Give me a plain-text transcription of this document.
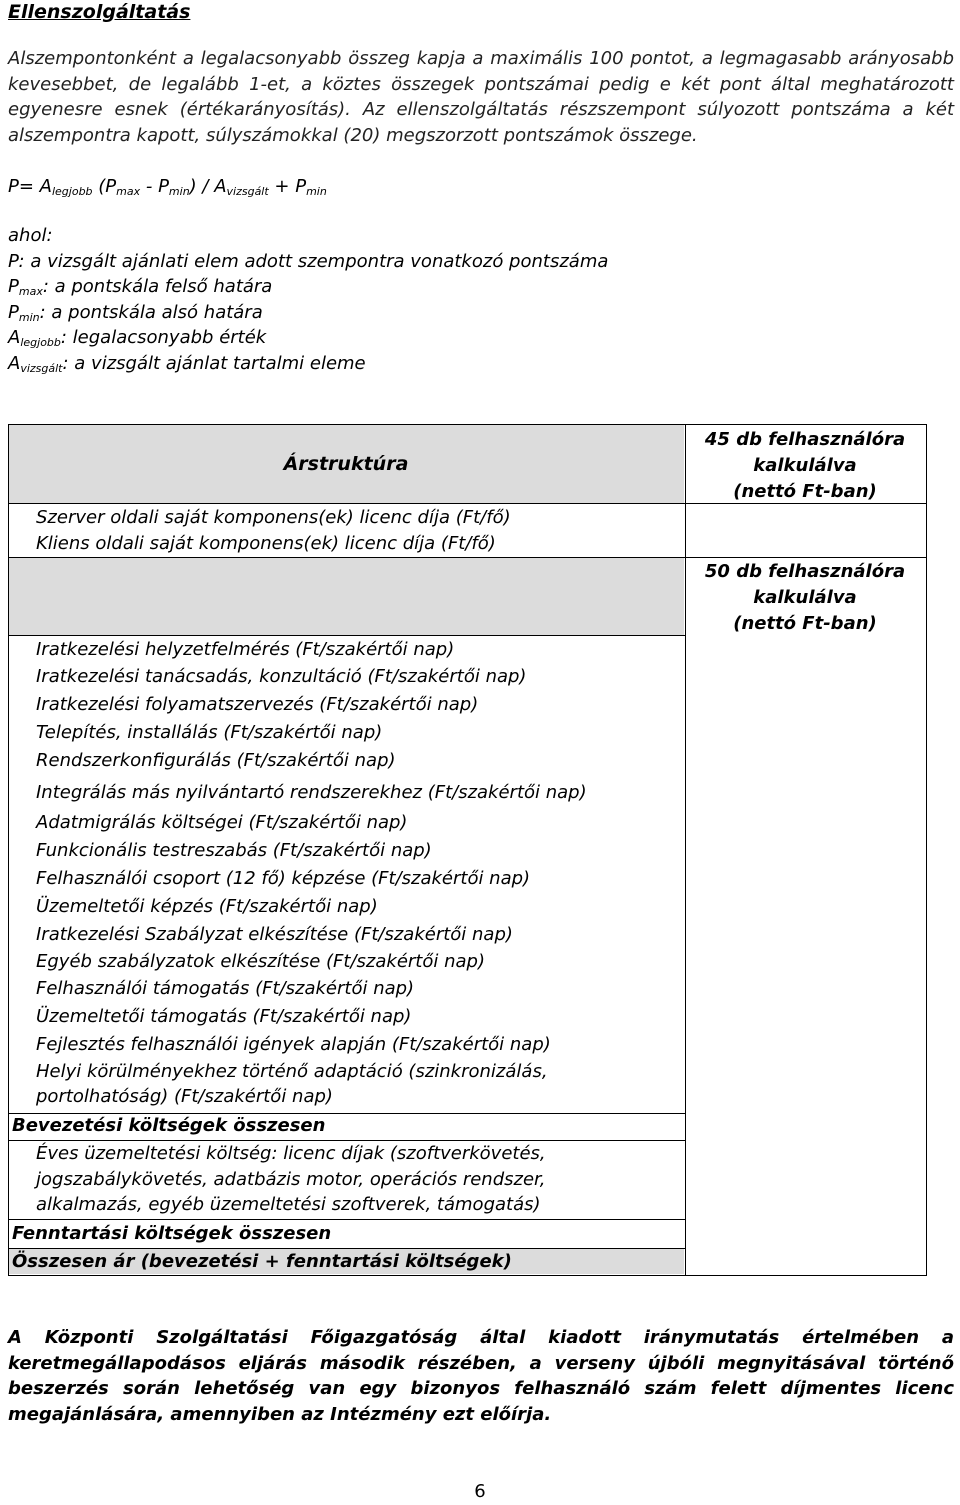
Ellenszolgáltatás

Alszempontonként a legalacsonyabb összeg kapja a maximális 100 pontot, a legmagasabb arányosabb kevesebbet, de legalább 1-et, a köztes összegek pontszámai pedig e két pont által meghatározott egyenesre esnek (értékarányosítás). Az ellenszolgáltatás részszempont súlyozott pontszáma a két alszempontra kapott, súlyszámokkal (20) megszorzott pontszámok összege.

$P= A_{legjobb}$ $(P_{max} - P_{min}) / A_{vizsgált} + P_{min}$
ahol:
P: a vizsgált ajánlati elem adott szempontra vonatkozó pontszáma
$P_{max}$: a pontskála felső határa
$P_{min}$: a pontskála alsó határa
$A_{legjobb}$: legalacsonyabb érték
$A_{vizsgált}$: a vizsgált ajánlat tartalmi eleme
Árstruktúra
45 db felhasználóra
kalkulálva
(nettó Ft-ban)
50 db felhasználóra
kalkulálva
(nettó Ft-ban)
Szerver oldali saját komponens(ek) licenc díja (Ft/fő)
Kliens oldali saját komponens(ek) licenc díja (Ft/fő)
Iratkezelési helyzetfelmérés (Ft/szakértői nap)
Iratkezelési tanácsadás, konzultáció (Ft/szakértői nap)
Iratkezelési folyamatszervezés (Ft/szakértői nap)
Telepítés, installálás (Ft/szakértői nap)
Rendszerkonfigurálás (Ft/szakértői nap)
Integrálás más nyilvántartó rendszerekhez (Ft/szakértői nap)
Adatmigrálás költségei (Ft/szakértői nap)
Funkcionális testreszabás (Ft/szakértői nap)
Felhasználói csoport (12 fő) képzése (Ft/szakértői nap)
Üzemeltetői képzés (Ft/szakértői nap)
Iratkezelési Szabályzat elkészítése (Ft/szakértői nap)
Egyéb szabályzatok elkészítése (Ft/szakértői nap)
Felhasználói támogatás (Ft/szakértői nap)
Üzemeltetői támogatás (Ft/szakértői nap)
Fejlesztés felhasználói igények alapján (Ft/szakértői nap)
Helyi körülményekhez történő adaptáció (szinkronizálás,
portolhatóság) (Ft/szakértői nap)
Bevezetési költségek összesen
Éves üzemeltetési költség: licenc díjak (szoftverkövetés,
jogszabálykövetés, adatbázis motor, operációs rendszer,
alkalmazás, egyéb üzemeltetési szoftverek, támogatás)
Fenntartási költségek összesen
Összesen ár (bevezetési + fenntartási költségek)

A Központi Szolgáltatási Főigazgatóság által kiadott iránymutatás értelmében a keretmegállapodásos eljárás második részében, a verseny újbóli megnyitásával történő beszerzés során lehetőség van egy bizonyos felhasználó szám felett díjmentes licenc megajánlására, amennyiben az Intézmény ezt előírja.

6
